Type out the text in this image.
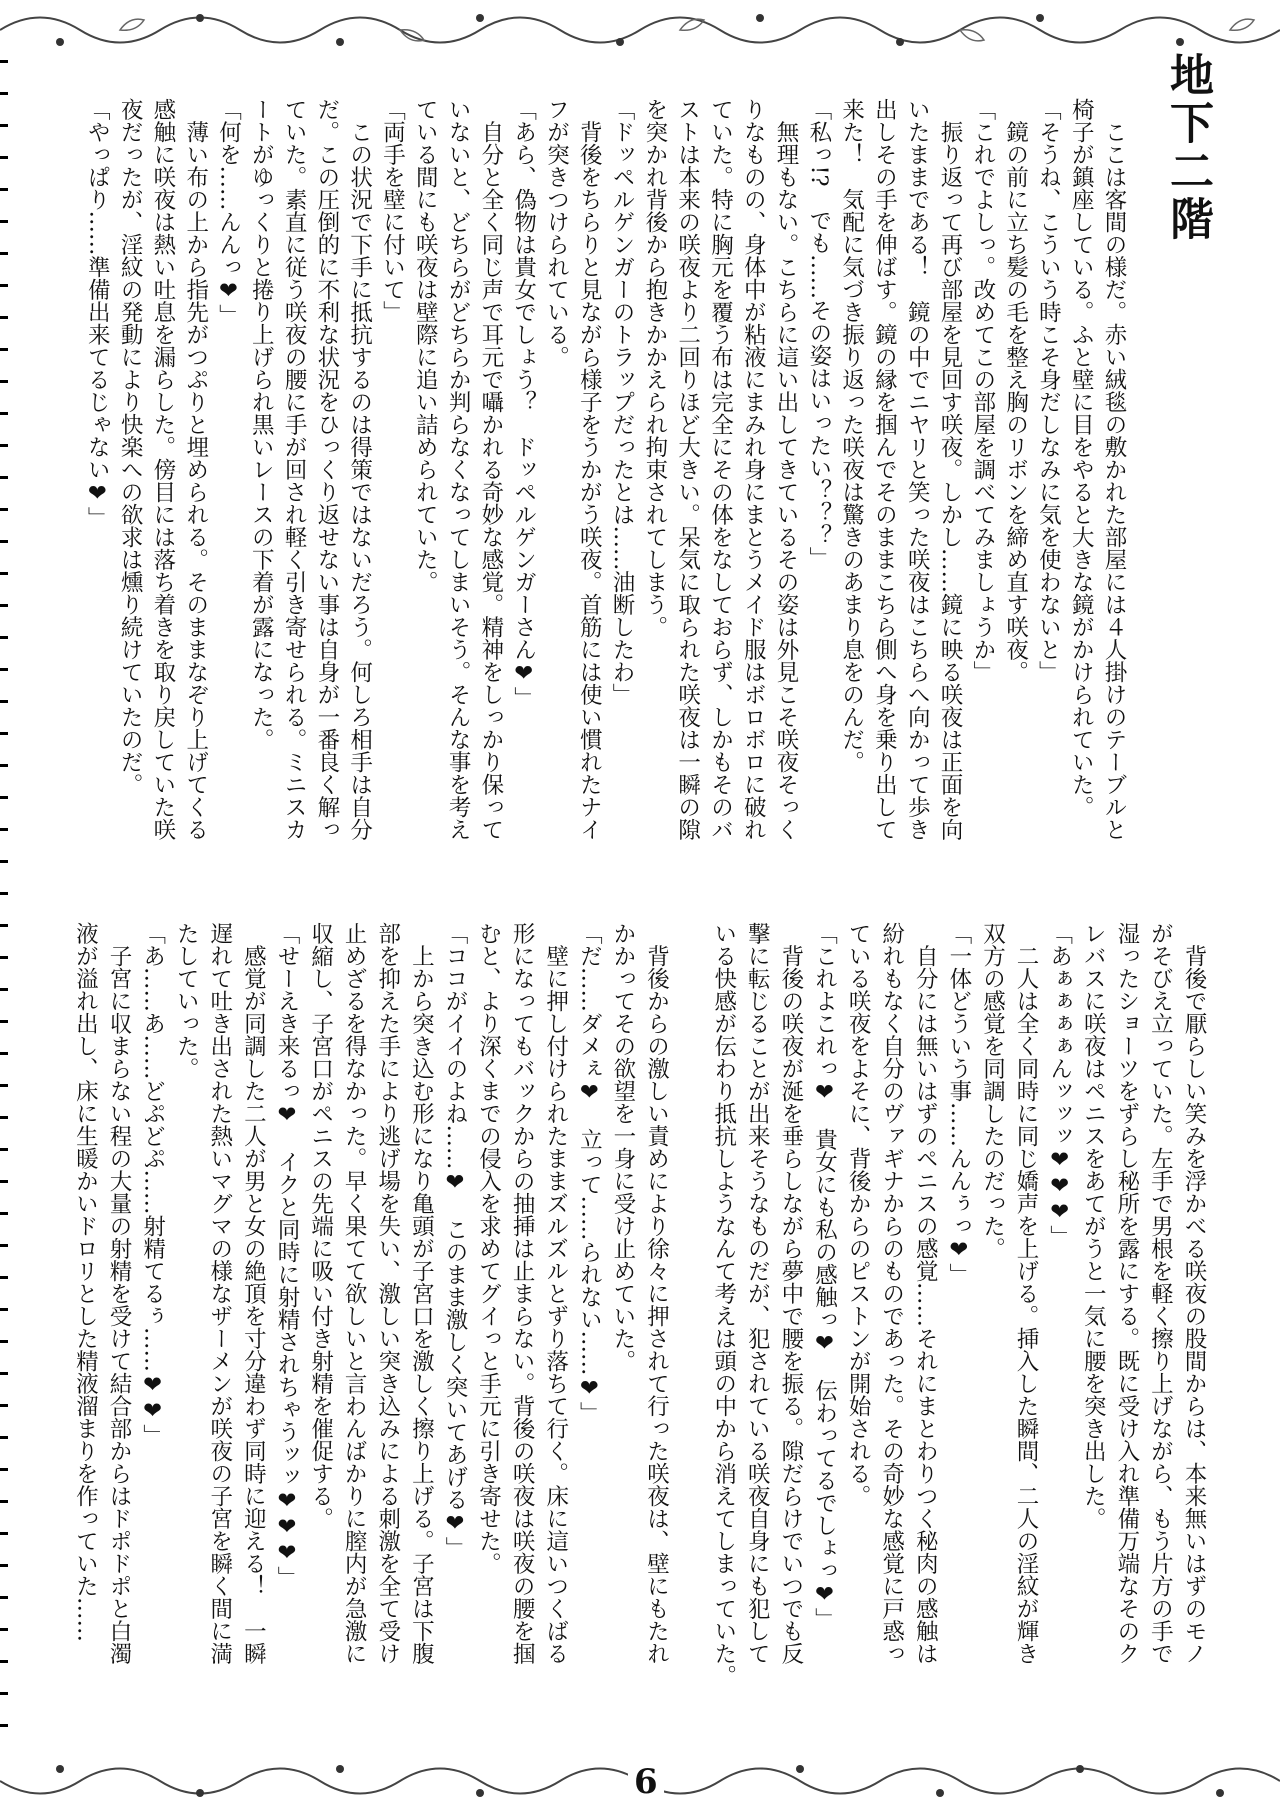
地下二階
　ここは客間の様だ。赤い絨毯の敷かれた部屋には４人掛けのテーブルと
椅子が鎮座している。ふと壁に目をやると大きな鏡がかけられていた。
「そうね、こういう時こそ身だしなみに気を使わないと」
　鏡の前に立ち髪の毛を整え胸のリボンを締め直す咲夜。
「これでよしっ。改めてこの部屋を調べてみましょうか」
　振り返って再び部屋を見回す咲夜。しかし……鏡に映る咲夜は正面を向
いたままである！　鏡の中でニヤリと笑った咲夜はこちらへ向かって歩き
出しその手を伸ばす。鏡の縁を掴んでそのままこちら側へ身を乗り出して
来た！　気配に気づき振り返った咲夜は驚きのあまり息をのんだ。
「私っ!?　でも……その姿はいったい？？？」
　無理もない。こちらに這い出してきているその姿は外見こそ咲夜そっく
りなものの、身体中が粘液にまみれ身にまとうメイド服はボロボロに破れ
ていた。特に胸元を覆う布は完全にその体をなしておらず、しかもそのバ
ストは本来の咲夜より二回りほど大きい。呆気に取られた咲夜は一瞬の隙
を突かれ背後から抱きかかえられ拘束されてしまう。
「ドッペルゲンガーのトラップだったとは……油断したわ」
　背後をちらりと見ながら様子をうかがう咲夜。首筋には使い慣れたナイ
フが突きつけられている。
「あら、偽物は貴女でしょう？　ドッペルゲンガーさん❤」
　自分と全く同じ声で耳元で囁かれる奇妙な感覚。精神をしっかり保って
いないと、どちらがどちらか判らなくなってしまいそう。そんな事を考え
ている間にも咲夜は壁際に追い詰められていた。
「両手を壁に付いて」
　この状況で下手に抵抗するのは得策ではないだろう。何しろ相手は自分
だ。この圧倒的に不利な状況をひっくり返せない事は自身が一番良く解っ
ていた。素直に従う咲夜の腰に手が回され軽く引き寄せられる。ミニスカ
ートがゆっくりと捲り上げられ黒いレースの下着が露になった。
「何を……んんっ❤」
　薄い布の上から指先がつぷりと埋められる。そのままなぞり上げてくる
感触に咲夜は熱い吐息を漏らした。傍目には落ち着きを取り戻していた咲
夜だったが、淫紋の発動により快楽への欲求は燻り続けていたのだ。
「やっぱり……準備出来てるじゃない❤」
　背後で厭らしい笑みを浮かべる咲夜の股間からは、本来無いはずのモノ
がそびえ立っていた。左手で男根を軽く擦り上げながら、もう片方の手で
湿ったショーツをずらし秘所を露にする。既に受け入れ準備万端なそのク
レバスに咲夜はペニスをあてがうと一気に腰を突き出した。
「あぁぁぁぁんッッッ❤❤❤」
　二人は全く同時に同じ嬌声を上げる。挿入した瞬間、二人の淫紋が輝き
双方の感覚を同調したのだった。
「一体どういう事……んんぅっ❤」
　自分には無いはずのペニスの感覚……それにまとわりつく秘肉の感触は
紛れもなく自分のヴァギナからのものであった。その奇妙な感覚に戸惑っ
ている咲夜をよそに、背後からのピストンが開始される。
「これよこれっ❤　貴女にも私の感触っ❤　伝わってるでしょっ❤」
　背後の咲夜が涎を垂らしながら夢中で腰を振る。隙だらけでいつでも反
撃に転じることが出来そうなものだが、犯されている咲夜自身にも犯して
いる快感が伝わり抵抗しようなんて考えは頭の中から消えてしまっていた。

　背後からの激しい責めにより徐々に押されて行った咲夜は、壁にもたれ
かかってその欲望を一身に受け止めていた。
「だ……ダメぇ❤　立って……られない……❤」
　壁に押し付けられたままズルズルとずり落ちて行く。床に這いつくばる
形になってもバックからの抽挿は止まらない。背後の咲夜は咲夜の腰を掴
むと、より深くまでの侵入を求めてグイっと手元に引き寄せた。
「ココがイイのよね……❤　このまま激しく突いてあげる❤」
　上から突き込む形になり亀頭が子宮口を激しく擦り上げる。子宮は下腹
部を抑えた手により逃げ場を失い、激しい突き込みによる刺激を全て受け
止めざるを得なかった。早く果てて欲しいと言わんばかりに膣内が急激に
収縮し、子宮口がペニスの先端に吸い付き射精を催促する。
「せーえき来るっ❤　イクと同時に射精されちゃうッッ❤❤❤」
　感覚が同調した二人が男と女の絶頂を寸分違わず同時に迎える！　一瞬
遅れて吐き出された熱いマグマの様なザーメンが咲夜の子宮を瞬く間に満
たしていった。
「あ……あ……どぷどぷ……射精てるぅ……❤❤」
　子宮に収まらない程の大量の射精を受けて結合部からはドポドポと白濁
液が溢れ出し、床に生暖かいドロリとした精液溜まりを作っていた……
6
